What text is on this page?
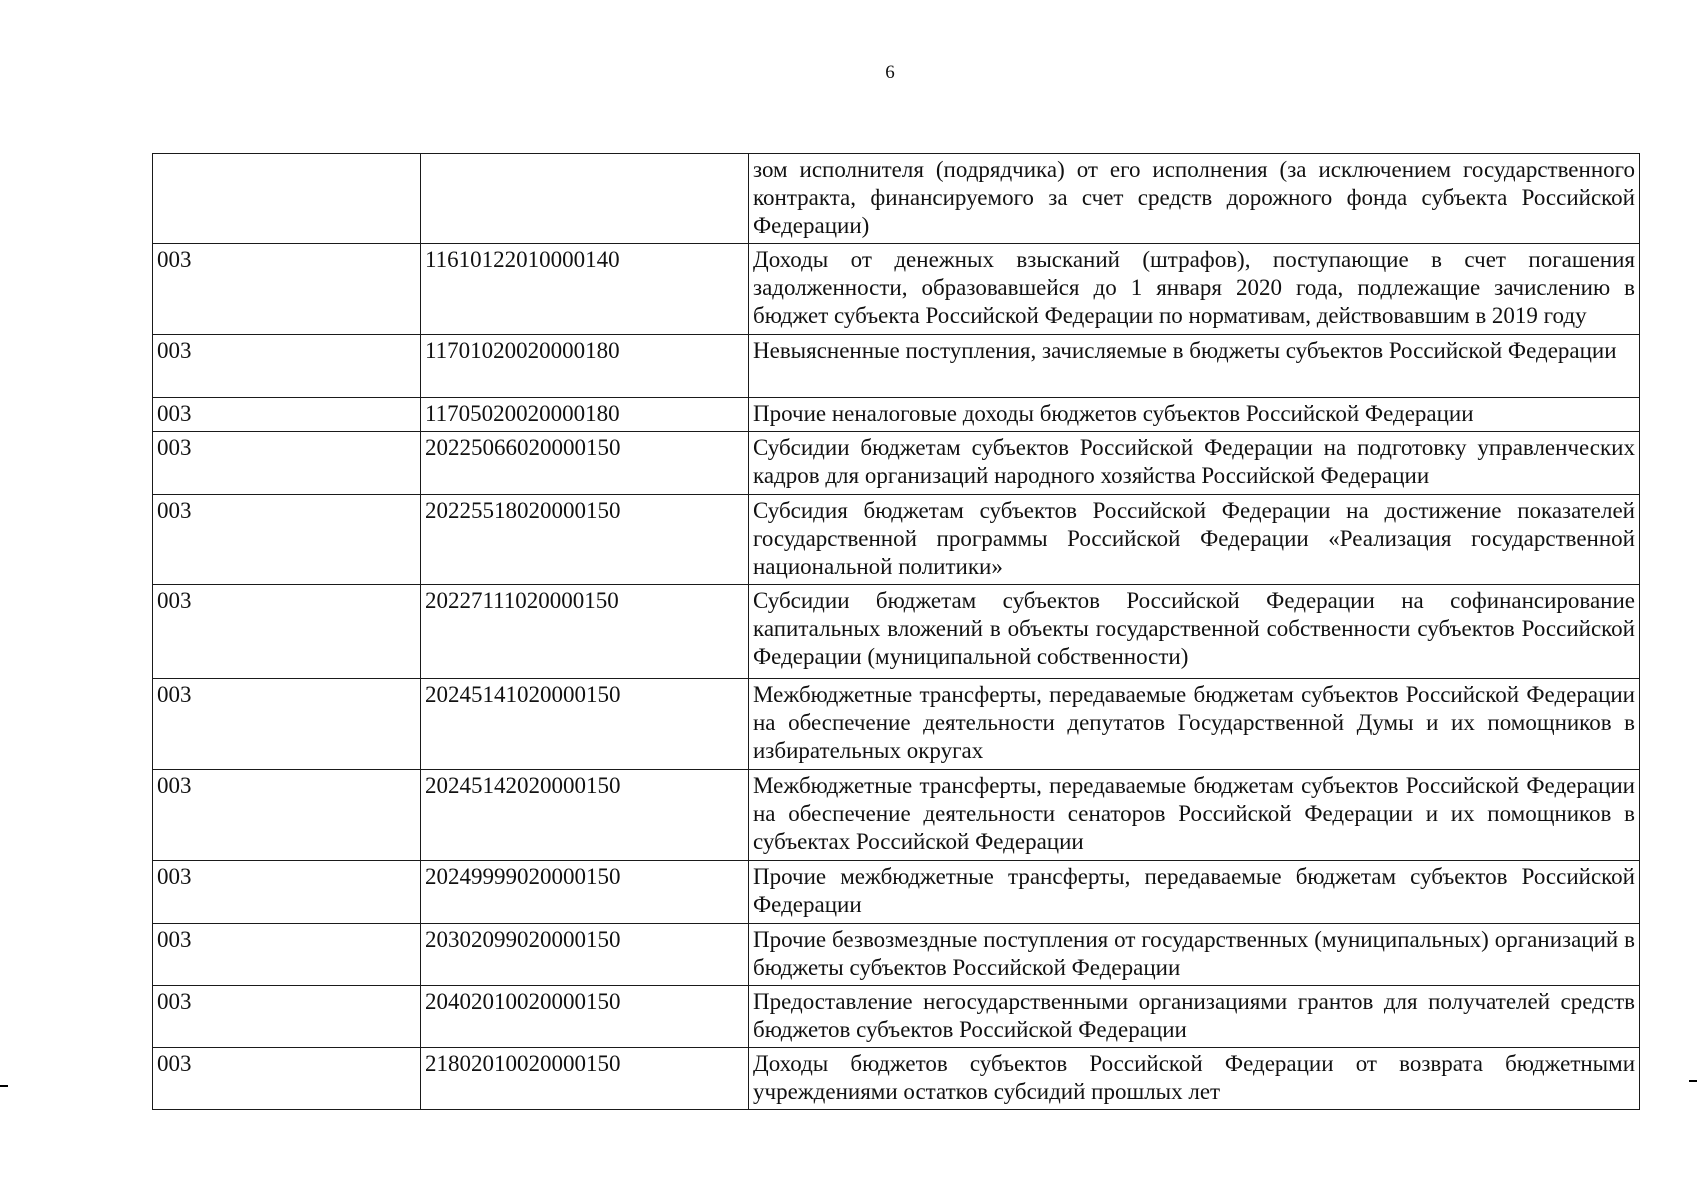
6
		зом исполнителя (подрядчика) от его исполнения (за исключением государственного контракта, финансируемого за счет средств дорожного фонда субъекта Российской Федерации)
003	11610122010000140	Доходы от денежных взысканий (штрафов), поступающие в счет погашения задолженности, образовавшейся до 1 января 2020 года, подлежащие зачислению в бюджет субъекта Российской Федерации по нормативам, действовавшим в 2019 году
003	11701020020000180	Невыясненные поступления, зачисляемые в бюджеты субъектов Российской Федерации
003	11705020020000180	Прочие неналоговые доходы бюджетов субъектов Российской Федерации
003	20225066020000150	Субсидии бюджетам субъектов Российской Федерации на подготовку управленческих кадров для организаций народного хозяйства Российской Федерации
003	20225518020000150	Субсидия бюджетам субъектов Российской Федерации на достижение показателей государственной программы Российской Федерации «Реализация государственной национальной политики»
003	20227111020000150	Субсидии бюджетам субъектов Российской Федерации на софинансирование капитальных вложений в объекты государственной собственности субъектов Российской Федерации (муниципальной собственности)
003	20245141020000150	Межбюджетные трансферты, передаваемые бюджетам субъектов Российской Федерации на обеспечение деятельности депутатов Государственной Думы и их помощников в избирательных округах
003	20245142020000150	Межбюджетные трансферты, передаваемые бюджетам субъектов Российской Федерации на обеспечение деятельности сенаторов Российской Федерации и их помощников в субъектах Российской Федерации
003	20249999020000150	Прочие межбюджетные трансферты, передаваемые бюджетам субъектов Российской Федерации
003	20302099020000150	Прочие безвозмездные поступления от государственных (муниципальных) организаций в бюджеты субъектов Российской Федерации
003	20402010020000150	Предоставление негосударственными организациями грантов для получателей средств бюджетов субъектов Российской Федерации
003	21802010020000150	Доходы бюджетов субъектов Российской Федерации от возврата бюджетными учреждениями остатков субсидий прошлых лет
